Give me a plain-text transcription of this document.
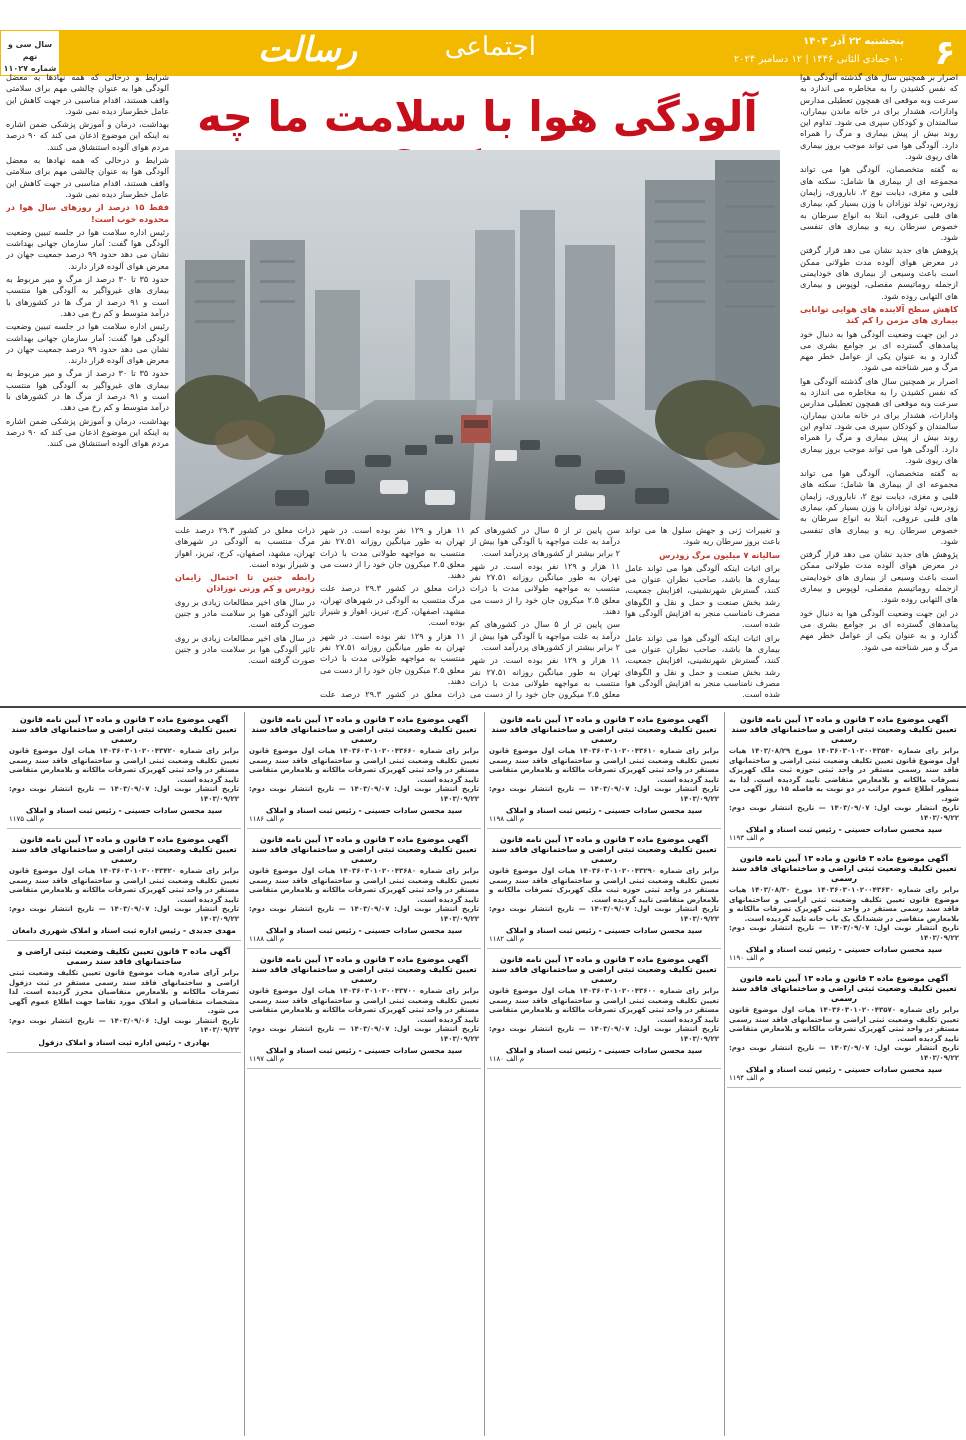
۶
پنجشنبه ۲۲ آذر ۱۴۰۳
۱۰ جمادی الثانی ۱۴۴۶ | ۱۲ دسامبر ۲۰۲۴
اجتماعی
رسالت
سال سی و نهم
شماره ۱۱۰۲۷
آلودگی هوا با سلامت ما چه

اصرار بر همچنین سال های گذشته آلودگی هوا که نفس کشیدن را به مخاطره می اندازد به سرعت وبه موقعی ای همچون تعطیلی مدارس وادارات، هشدار برای در خانه ماندن بیماران، سالمندان و کودکان سپری می شود. تداوم این روند بیش از پیش بیماری و مرگ را همراه دارد. آلودگی هوا می تواند موجب بروز بیماری های ریوی شود.

به گفته متخصصان، آلودگی هوا می تواند مجموعه ای از بیماری ها شامل: سکته های قلبی و مغزی، دیابت نوع ۲، ناباروری، زایمان زودرس، تولد نوزادان با وزن بسیار کم، بیماری های قلبی عروقی، ابتلا به انواع سرطان به خصوص سرطان ریه و بیماری های تنفسی شود.

پژوهش های جدید نشان می دهد قرار گرفتن در معرض هوای آلوده مدت طولانی ممکن است باعث وسیعی از بیماری های خودایمنی ازجمله روماتیسم مفصلی، لوپوس و بیماری های التهابی روده شود.

کاهش سطح آلاینده های هوایی توانایی بیماری های مزمن را کم کند

در این جهت وضعیت آلودگی هوا به دنبال خود پیامدهای گسترده ای بر جوامع بشری می گذارد و به عنوان یکی از عوامل خطر مهم مرگ و میر شناخته می شود.

اصرار بر همچنین سال های گذشته آلودگی هوا که نفس کشیدن را به مخاطره می اندازد به سرعت وبه موقعی ای همچون تعطیلی مدارس وادارات، هشدار برای در خانه ماندن بیماران، سالمندان و کودکان سپری می شود. تداوم این روند بیش از پیش بیماری و مرگ را همراه دارد. آلودگی هوا می تواند موجب بروز بیماری های ریوی شود.

به گفته متخصصان، آلودگی هوا می تواند مجموعه ای از بیماری ها شامل: سکته های قلبی و مغزی، دیابت نوع ۲، ناباروری، زایمان زودرس، تولد نوزادان با وزن بسیار کم، بیماری های قلبی عروقی، ابتلا به انواع سرطان به خصوص سرطان ریه و بیماری های تنفسی شود.

پژوهش های جدید نشان می دهد قرار گرفتن در معرض هوای آلوده مدت طولانی ممکن است باعث وسیعی از بیماری های خودایمنی ازجمله روماتیسم مفصلی، لوپوس و بیماری های التهابی روده شود.

در این جهت وضعیت آلودگی هوا به دنبال خود پیامدهای گسترده ای بر جوامع بشری می گذارد و به عنوان یکی از عوامل خطر مهم مرگ و میر شناخته می شود.

و تغییرات ژنی و جهش سلول ها می تواند باعث بروز سرطان ریه شود.

سالیانه ۷ میلیون مرگ زودرس

برای اثبات اینکه آلودگی هوا می تواند عامل بیماری ها باشد، صاحب نظران عنوان می کنند، گسترش شهرنشینی، افزایش جمعیت، رشد بخش صنعت و حمل و نقل و الگوهای مصرف نامناسب منجر به افزایش آلودگی هوا شده است.

برای اثبات اینکه آلودگی هوا می تواند عامل بیماری ها باشد، صاحب نظران عنوان می کنند، گسترش شهرنشینی، افزایش جمعیت، رشد بخش صنعت و حمل و نقل و الگوهای مصرف نامناسب منجر به افزایش آلودگی هوا شده است.

سن پایین تر از ۵ سال در کشورهای کم درآمد به علت مواجهه با آلودگی هوا بیش از ۲ برابر بیشتر از کشورهای پردرآمد است.

۱۱ هزار و ۱۲۹ نفر بوده است. در شهر تهران به طور میانگین روزانه ۲۷.۵۱ نفر منتسب به مواجهه طولانی مدت با ذرات معلق ۲.۵ میکرون جان خود را از دست می دهند.

سن پایین تر از ۵ سال در کشورهای کم درآمد به علت مواجهه با آلودگی هوا بیش از ۲ برابر بیشتر از کشورهای پردرآمد است.

۱۱ هزار و ۱۲۹ نفر بوده است. در شهر تهران به طور میانگین روزانه ۲۷.۵۱ نفر منتسب به مواجهه طولانی مدت با ذرات معلق ۲.۵ میکرون جان خود را از دست می

۱۱ هزار و ۱۲۹ نفر بوده است. در شهر تهران به طور میانگین روزانه ۲۷.۵۱ نفر منتسب به مواجهه طولانی مدت با ذرات معلق ۲.۵ میکرون جان خود را از دست می دهند.

ذرات معلق در کشور ۲۹.۳ درصد علت مرگ منتسب به آلودگی در شهرهای تهران، مشهد، اصفهان، کرج، تبریز، اهواز و شیراز بوده است.

۱۱ هزار و ۱۲۹ نفر بوده است. در شهر تهران به طور میانگین روزانه ۲۷.۵۱ نفر منتسب به مواجهه طولانی مدت با ذرات معلق ۲.۵ میکرون جان خود را از دست می دهند.

ذرات معلق در کشور ۲۹.۳ درصد علت

ذرات معلق در کشور ۲۹.۳ درصد علت مرگ منتسب به آلودگی در شهرهای تهران، مشهد، اصفهان، کرج، تبریز، اهواز و شیراز بوده است.

رابطه جنین تا احتمال زایمان زودرس و کم وزنی نوزادان

در سال های اخیر مطالعات زیادی بر روی تاثیر آلودگی هوا بر سلامت مادر و جنین صورت گرفته است.

در سال های اخیر مطالعات زیادی بر روی تاثیر آلودگی هوا بر سلامت مادر و جنین صورت گرفته است.

شرایط و درحالی که همه نهادها به معضل آلودگی هوا به عنوان چالشی مهم برای سلامتی واقف هستند، اقدام مناسبی در جهت کاهش این عامل خطرساز دیده نمی شود.

بهداشت، درمان و آموزش پزشکی ضمن اشاره به اینکه این موضوع اذعان می کند که ۹۰ درصد مردم هوای آلوده استنشاق می کنند.

شرایط و درحالی که همه نهادها به معضل آلودگی هوا به عنوان چالشی مهم برای سلامتی واقف هستند، اقدام مناسبی در جهت کاهش این عامل خطرساز دیده نمی شود.

فقط ۱۵ درصد از روزهای سال هوا در محدوده خوب است!

رئیس اداره سلامت هوا در جلسه تبیین وضعیت آلودگی هوا گفت: آمار سازمان جهانی بهداشت نشان می دهد حدود ۹۹ درصد جمعیت جهان در معرض هوای آلوده قرار دارند.

حدود ۳۵ تا ۳۰ درصد از مرگ و میر مربوط به بیماری های غیرواگیر به آلودگی هوا منتسب است و ۹۱ درصد از مرگ ها در کشورهای با درآمد متوسط و کم رخ می دهد.

رئیس اداره سلامت هوا در جلسه تبیین وضعیت آلودگی هوا گفت: آمار سازمان جهانی بهداشت نشان می دهد حدود ۹۹ درصد جمعیت جهان در معرض هوای آلوده قرار دارند.

حدود ۳۵ تا ۳۰ درصد از مرگ و میر مربوط به بیماری های غیرواگیر به آلودگی هوا منتسب است و ۹۱ درصد از مرگ ها در کشورهای با درآمد متوسط و کم رخ می دهد.

بهداشت، درمان و آموزش پزشکی ضمن اشاره به اینکه این موضوع اذعان می کند که ۹۰ درصد مردم هوای آلوده استنشاق می کنند.

آگهی موضوع ماده ۳ قانون و ماده ۱۳ آیین نامه قانون تعیین تکلیف وضعیت ثبتی اراضی و ساختمانهای فاقد سند رسمی
برابر رای شماره ۱۴۰۳۶۰۳۰۱۰۲۰۰۴۳۵۴۰ مورخ ۱۴۰۳/۰۸/۲۹ هیات اول موضوع قانون تعیین تکلیف وضعیت ثبتی اراضی و ساختمانهای فاقد سند رسمی مستقر در واحد ثبتی حوزه ثبت ملک کهریزک تصرفات مالکانه و بلامعارض متقاضی تایید گردیده است. لذا به منظور اطلاع عموم مراتب در دو نوبت به فاصله ۱۵ روز آگهی می شود.
تاریخ انتشار نوبت اول: ۱۴۰۳/۰۹/۰۷ — تاریخ انتشار نوبت دوم: ۱۴۰۳/۰۹/۲۲
سید محسن سادات حسینی - رئیس ثبت اسناد و املاک
م الف ۱۱۹۳
آگهی موضوع ماده ۳ قانون و ماده ۱۳ آیین نامه قانون تعیین تکلیف وضعیت ثبتی اراضی و ساختمانهای فاقد سند رسمی
برابر رای شماره ۱۴۰۳۶۰۳۰۱۰۲۰۰۴۳۶۳۰ مورخ ۱۴۰۳/۰۸/۳۰ هیات موضوع قانون تعیین تکلیف وضعیت ثبتی اراضی و ساختمانهای فاقد سند رسمی مستقر در واحد ثبتی کهریزک تصرفات مالکانه و بلامعارض متقاضی در ششدانگ یک باب خانه تایید گردیده است.
تاریخ انتشار نوبت اول: ۱۴۰۳/۰۹/۰۷ — تاریخ انتشار نوبت دوم: ۱۴۰۳/۰۹/۲۲
سید محسن سادات حسینی - رئیس ثبت اسناد و املاک
م الف ۱۱۹۰
آگهی موضوع ماده ۳ قانون و ماده ۱۳ آیین نامه قانون تعیین تکلیف وضعیت ثبتی اراضی و ساختمانهای فاقد سند رسمی
برابر رای شماره ۱۴۰۳۶۰۳۰۱۰۲۰۰۴۳۵۷۰ هیات اول موضوع قانون تعیین تکلیف وضعیت ثبتی اراضی و ساختمانهای فاقد سند رسمی مستقر در واحد ثبتی کهریزک تصرفات مالکانه و بلامعارض متقاضی تایید گردیده است.
تاریخ انتشار نوبت اول: ۱۴۰۳/۰۹/۰۷ — تاریخ انتشار نوبت دوم: ۱۴۰۳/۰۹/۲۲
سید محسن سادات حسینی - رئیس ثبت اسناد و املاک
م الف ۱۱۹۴
آگهی موضوع ماده ۳ قانون و ماده ۱۳ آیین نامه قانون تعیین تکلیف وضعیت ثبتی اراضی و ساختمانهای فاقد سند رسمی
برابر رای شماره ۱۴۰۳۶۰۳۰۱۰۲۰۰۴۳۶۱۰ هیات اول موضوع قانون تعیین تکلیف وضعیت ثبتی اراضی و ساختمانهای فاقد سند رسمی مستقر در واحد ثبتی کهریزک تصرفات مالکانه و بلامعارض متقاضی تایید گردیده است.
تاریخ انتشار نوبت اول: ۱۴۰۳/۰۹/۰۷ — تاریخ انتشار نوبت دوم: ۱۴۰۳/۰۹/۲۲
سید محسن سادات حسینی - رئیس ثبت اسناد و املاک
م الف ۱۱۹۸
آگهی موضوع ماده ۳ قانون و ماده ۱۳ آیین نامه قانون تعیین تکلیف وضعیت ثبتی اراضی و ساختمانهای فاقد سند رسمی
برابر رای شماره ۱۴۰۳۶۰۳۰۱۰۲۰۰۴۳۲۹۰ هیات اول موضوع قانون تعیین تکلیف وضعیت ثبتی اراضی و ساختمانهای فاقد سند رسمی مستقر در واحد ثبتی حوزه ثبت ملک کهریزک تصرفات مالکانه و بلامعارض متقاضی تایید گردیده است.
تاریخ انتشار نوبت اول: ۱۴۰۳/۰۹/۰۷ — تاریخ انتشار نوبت دوم: ۱۴۰۳/۰۹/۲۲
سید محسن سادات حسینی - رئیس ثبت اسناد و املاک
م الف ۱۱۸۲
آگهی موضوع ماده ۳ قانون و ماده ۱۳ آیین نامه قانون تعیین تکلیف وضعیت ثبتی اراضی و ساختمانهای فاقد سند رسمی
برابر رای شماره ۱۴۰۳۶۰۳۰۱۰۲۰۰۴۳۶۰۰ هیات اول موضوع قانون تعیین تکلیف وضعیت ثبتی اراضی و ساختمانهای فاقد سند رسمی مستقر در واحد ثبتی کهریزک تصرفات مالکانه و بلامعارض متقاضی تایید گردیده است.
تاریخ انتشار نوبت اول: ۱۴۰۳/۰۹/۰۷ — تاریخ انتشار نوبت دوم: ۱۴۰۳/۰۹/۲۲
سید محسن سادات حسینی - رئیس ثبت اسناد و املاک
م الف ۱۱۸۰
آگهی موضوع ماده ۳ قانون و ماده ۱۳ آیین نامه قانون تعیین تکلیف وضعیت ثبتی اراضی و ساختمانهای فاقد سند رسمی
برابر رای شماره ۱۴۰۳۶۰۳۰۱۰۲۰۰۴۳۶۶۰ هیات اول موضوع قانون تعیین تکلیف وضعیت ثبتی اراضی و ساختمانهای فاقد سند رسمی مستقر در واحد ثبتی کهریزک تصرفات مالکانه و بلامعارض متقاضی تایید گردیده است.
تاریخ انتشار نوبت اول: ۱۴۰۳/۰۹/۰۷ — تاریخ انتشار نوبت دوم: ۱۴۰۳/۰۹/۲۲
سید محسن سادات حسینی - رئیس ثبت اسناد و املاک
م الف ۱۱۸۶
آگهی موضوع ماده ۳ قانون و ماده ۱۳ آیین نامه قانون تعیین تکلیف وضعیت ثبتی اراضی و ساختمانهای فاقد سند رسمی
برابر رای شماره ۱۴۰۳۶۰۳۰۱۰۲۰۰۴۳۶۸۰ هیات اول موضوع قانون تعیین تکلیف وضعیت ثبتی اراضی و ساختمانهای فاقد سند رسمی مستقر در واحد ثبتی کهریزک تصرفات مالکانه و بلامعارض متقاضی تایید گردیده است.
تاریخ انتشار نوبت اول: ۱۴۰۳/۰۹/۰۷ — تاریخ انتشار نوبت دوم: ۱۴۰۳/۰۹/۲۲
سید محسن سادات حسینی - رئیس ثبت اسناد و املاک
م الف ۱۱۸۸
آگهی موضوع ماده ۳ قانون و ماده ۱۳ آیین نامه قانون تعیین تکلیف وضعیت ثبتی اراضی و ساختمانهای فاقد سند رسمی
برابر رای شماره ۱۴۰۳۶۰۳۰۱۰۲۰۰۴۳۷۰۰ هیات اول موضوع قانون تعیین تکلیف وضعیت ثبتی اراضی و ساختمانهای فاقد سند رسمی مستقر در واحد ثبتی کهریزک تصرفات مالکانه و بلامعارض متقاضی تایید گردیده است.
تاریخ انتشار نوبت اول: ۱۴۰۳/۰۹/۰۷ — تاریخ انتشار نوبت دوم: ۱۴۰۳/۰۹/۲۲
سید محسن سادات حسینی - رئیس ثبت اسناد و املاک
م الف ۱۱۹۷
آگهی موضوع ماده ۳ قانون و ماده ۱۳ آیین نامه قانون تعیین تکلیف وضعیت ثبتی اراضی و ساختمانهای فاقد سند رسمی
برابر رای شماره ۱۴۰۳۶۰۳۰۱۰۲۰۰۴۳۷۲۰ هیات اول موضوع قانون تعیین تکلیف وضعیت ثبتی اراضی و ساختمانهای فاقد سند رسمی مستقر در واحد ثبتی کهریزک تصرفات مالکانه و بلامعارض متقاضی تایید گردیده است.
تاریخ انتشار نوبت اول: ۱۴۰۳/۰۹/۰۷ — تاریخ انتشار نوبت دوم: ۱۴۰۳/۰۹/۲۲
سید محسن سادات حسینی - رئیس ثبت اسناد و املاک
م الف ۱۱۷۵
آگهی موضوع ماده ۳ قانون و ماده ۱۳ آیین نامه قانون تعیین تکلیف وضعیت ثبتی اراضی و ساختمانهای فاقد سند رسمی
برابر رای شماره ۱۴۰۳۶۰۳۰۱۰۲۰۰۴۳۴۲۰ هیات اول موضوع قانون تعیین تکلیف وضعیت ثبتی اراضی و ساختمانهای فاقد سند رسمی مستقر در واحد ثبتی کهریزک تصرفات مالکانه و بلامعارض متقاضی تایید گردیده است.
تاریخ انتشار نوبت اول: ۱۴۰۳/۰۹/۰۷ — تاریخ انتشار نوبت دوم: ۱۴۰۳/۰۹/۲۲
مهدی جدیدی - رئیس اداره ثبت اسناد و املاک شهرری دامغان
آگهی ماده ۳ قانون تعیین تکلیف وضعیت ثبتی اراضی و ساختمانهای فاقد سند رسمی
برابر آرای صادره هیات موضوع قانون تعیین تکلیف وضعیت ثبتی اراضی و ساختمانهای فاقد سند رسمی مستقر در ثبت دزفول تصرفات مالکانه و بلامعارض متقاضیان محرز گردیده است. لذا مشخصات متقاضیان و املاک مورد تقاضا جهت اطلاع عموم آگهی می شود.
تاریخ انتشار نوبت اول: ۱۴۰۳/۰۹/۰۶ — تاریخ انتشار نوبت دوم: ۱۴۰۳/۰۹/۲۲
بهادری - رئیس اداره ثبت اسناد و املاک دزفول
